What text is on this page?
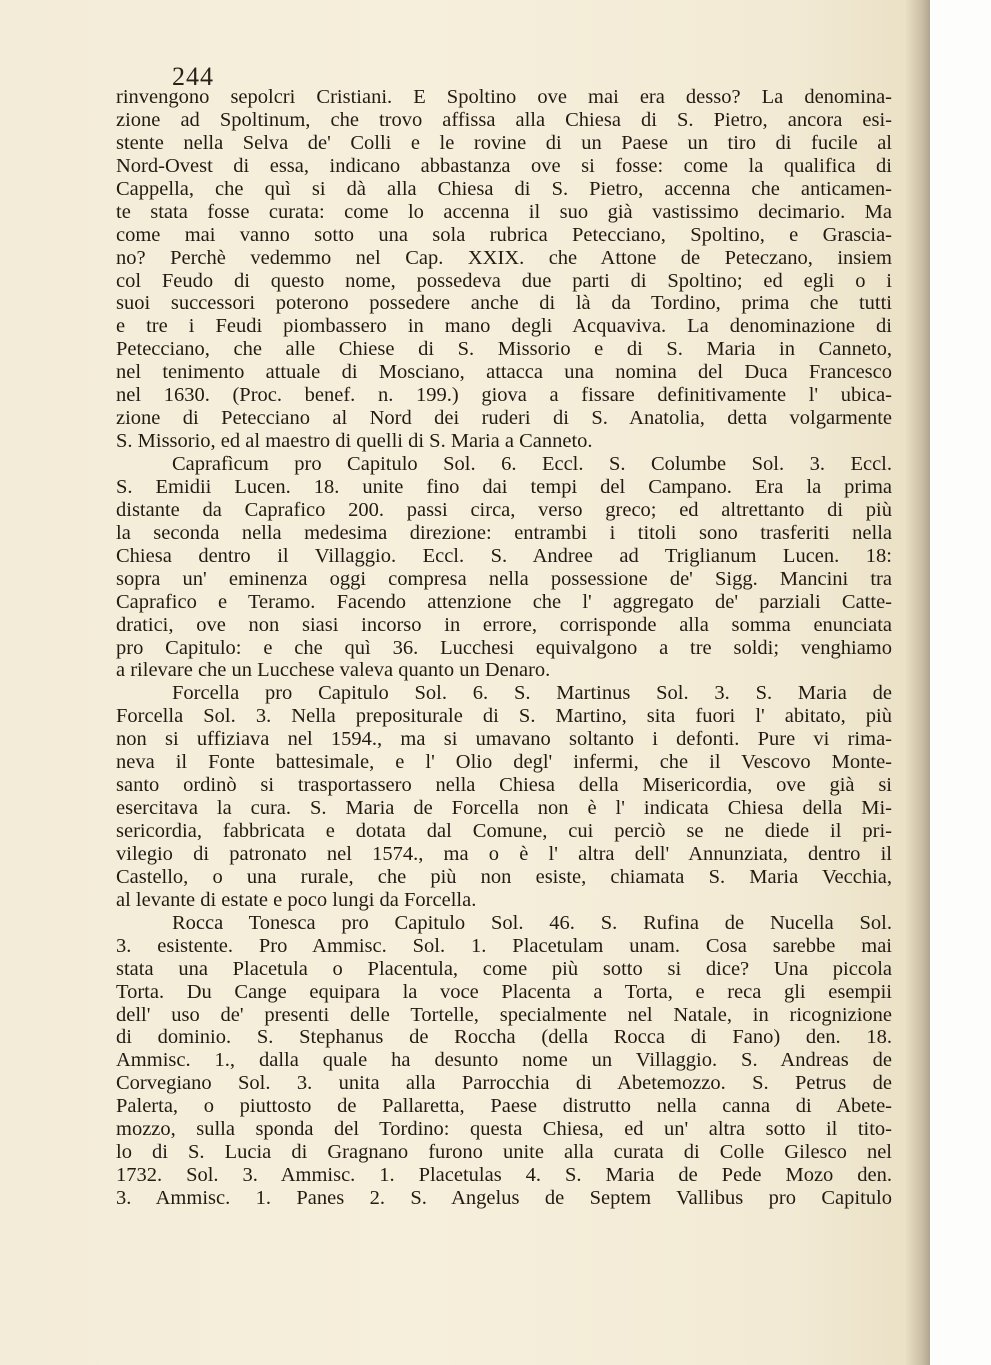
244
rinvengono sepolcri Cristiani. E Spoltino ove mai era desso? La denomina-
zione ad Spoltinum, che trovo affissa alla Chiesa di S. Pietro, ancora esi-
stente nella Selva de' Colli e le rovine di un Paese un tiro di fucile al
Nord-Ovest di essa, indicano abbastanza ove si fosse: come la qualifica di
Cappella, che quì si dà alla Chiesa di S. Pietro, accenna che anticamen-
te stata fosse curata: come lo accenna il suo già vastissimo decimario. Ma
come mai vanno sotto una sola rubrica Petecciano, Spoltino, e Grascia-
no? Perchè vedemmo nel Cap. XXIX. che Attone de Peteczano, insiem
col Feudo di questo nome, possedeva due parti di Spoltino; ed egli o i
suoi successori poterono possedere anche di là da Tordino, prima che tutti
e tre i Feudi piombassero in mano degli Acquaviva. La denominazione di
Petecciano, che alle Chiese di S. Missorio e di S. Maria in Canneto,
nel tenimento attuale di Mosciano, attacca una nomina del Duca Francesco
nel 1630. (Proc. benef. n. 199.) giova a fissare definitivamente l' ubica-
zione di Petecciano al Nord dei ruderi di S. Anatolia, detta volgarmente
S. Missorio, ed al maestro di quelli di S. Maria a Canneto.
Caprafìcum pro Capitulo Sol. 6. Eccl. S. Columbe Sol. 3. Eccl.
S. Emidii Lucen. 18. unite fino dai tempi del Campano. Era la prima
distante da Caprafico 200. passi circa, verso greco; ed altrettanto di più
la seconda nella medesima direzione: entrambi i titoli sono trasferiti nella
Chiesa dentro il Villaggio. Eccl. S. Andree ad Triglianum Lucen. 18:
sopra un' eminenza oggi compresa nella possessione de' Sigg. Mancini tra
Caprafico e Teramo. Facendo attenzione che l' aggregato de' parziali Catte-
dratici, ove non siasi incorso in errore, corrisponde alla somma enunciata
pro Capitulo: e che quì 36. Lucchesi equivalgono a tre soldi; venghiamo
a rilevare che un Lucchese valeva quanto un Denaro.
Forcella pro Capitulo Sol. 6. S. Martinus Sol. 3. S. Maria de
Forcella Sol. 3. Nella prepositurale di S. Martino, sita fuori l' abitato, più
non si uffiziava nel 1594., ma si umavano soltanto i defonti. Pure vi rima-
neva il Fonte battesimale, e l' Olio degl' infermi, che il Vescovo Monte-
santo ordinò si trasportassero nella Chiesa della Misericordia, ove già si
esercitava la cura. S. Maria de Forcella non è l' indicata Chiesa della Mi-
sericordia, fabbricata e dotata dal Comune, cui perciò se ne diede il pri-
vilegio di patronato nel 1574., ma o è l' altra dell' Annunziata, dentro il
Castello, o una rurale, che più non esiste, chiamata S. Maria Vecchia,
al levante di estate e poco lungi da Forcella.
Rocca Tonesca pro Capitulo Sol. 46. S. Rufina de Nucella Sol.
3. esistente. Pro Ammisc. Sol. 1. Placetulam unam. Cosa sarebbe mai
stata una Placetula o Placentula, come più sotto si dice? Una piccola
Torta. Du Cange equipara la voce Placenta a Torta, e reca gli esempii
dell' uso de' presenti delle Tortelle, specialmente nel Natale, in ricognizione
di dominio. S. Stephanus de Roccha (della Rocca di Fano) den. 18.
Ammisc. 1., dalla quale ha desunto nome un Villaggio. S. Andreas de
Corvegiano Sol. 3. unita alla Parrocchia di Abetemozzo. S. Petrus de
Palerta, o piuttosto de Pallaretta, Paese distrutto nella canna di Abete-
mozzo, sulla sponda del Tordino: questa Chiesa, ed un' altra sotto il tito-
lo di S. Lucia di Gragnano furono unite alla curata di Colle Gilesco nel
1732. Sol. 3. Ammisc. 1. Placetulas 4. S. Maria de Pede Mozo den.
3. Ammisc. 1. Panes 2. S. Angelus de Septem Vallibus pro Capitulo
